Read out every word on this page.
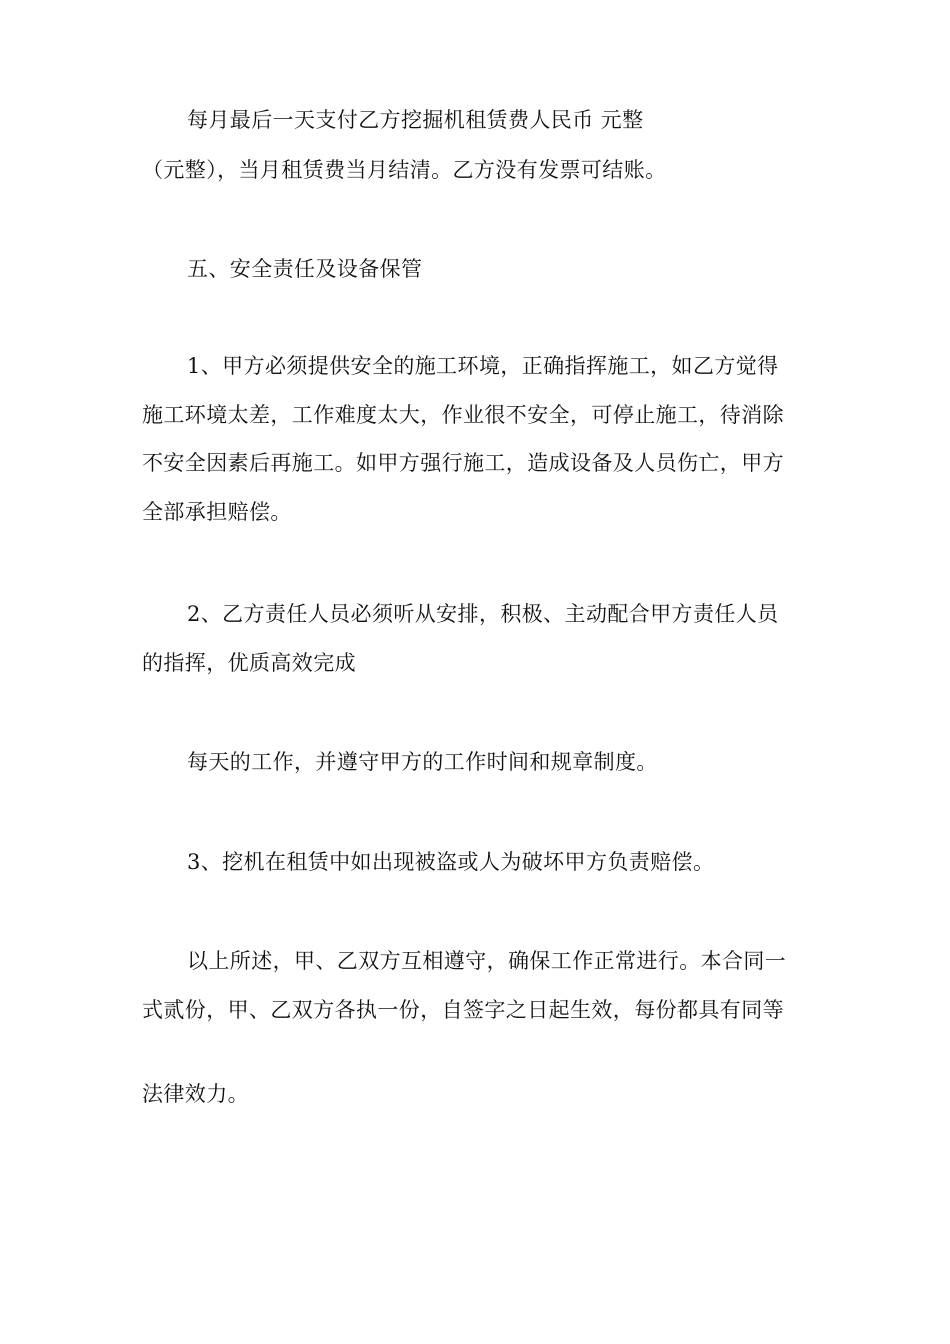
每月最后一天支付乙方挖掘机租赁费人民币 元整
（元整），当月租赁费当月结清。乙方没有发票可结账。
五、安全责任及设备保管
1、甲方必须提供安全的施工环境，正确指挥施工，如乙方觉得
施工环境太差，工作难度太大，作业很不安全，可停止施工，待消除
不安全因素后再施工。如甲方强行施工，造成设备及人员伤亡，甲方
全部承担赔偿。
2、乙方责任人员必须听从安排，积极、主动配合甲方责任人员
的指挥，优质高效完成
每天的工作，并遵守甲方的工作时间和规章制度。
3、挖机在租赁中如出现被盗或人为破坏甲方负责赔偿。
以上所述，甲、乙双方互相遵守，确保工作正常进行。本合同一
式贰份，甲、乙双方各执一份，自签字之日起生效，每份都具有同等
法律效力。
